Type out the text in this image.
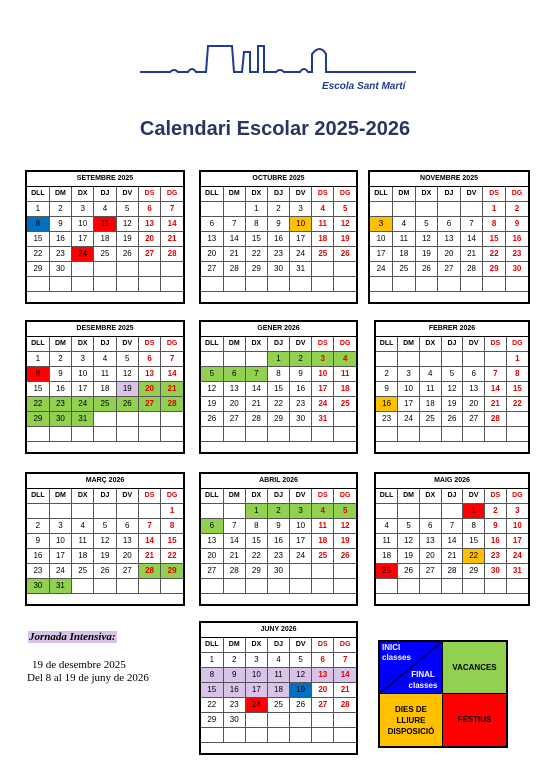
Escola Sant Martí
Calendari Escolar 2025-2026
SETEMBRE 2025
DLL	DM	DX	DJ	DV	DS	DG
1	2	3	4	5	6	7
8	9	10	11	12	13	14
15	16	17	18	19	20	21
22	23	24	25	26	27	28
29	30					

OCTUBRE 2025
DLL	DM	DX	DJ	DV	DS	DG
		1	2	3	4	5
6	7	8	9	10	11	12
13	14	15	16	17	18	19
20	21	22	23	24	25	26
27	28	29	30	31		

NOVEMBRE 2025
DLL	DM	DX	DJ	DV	DS	DG
					1	2
3	4	5	6	7	8	9
10	11	12	13	14	15	16
17	18	19	20	21	22	23
24	25	26	27	28	29	30

DESEMBRE 2025
DLL	DM	DX	DJ	DV	DS	DG
1	2	3	4	5	6	7
8	9	10	11	12	13	14
15	16	17	18	19	20	21
22	23	24	25	26	27	28
29	30	31				

GENER 2026
DLL	DM	DX	DJ	DV	DS	DG
			1	2	3	4
5	6	7	8	9	10	11
12	13	14	15	16	17	18
19	20	21	22	23	24	25
26	27	28	29	30	31	

FEBRER 2026
DLL	DM	DX	DJ	DV	DS	DG
						1
2	3	4	5	6	7	8
9	10	11	12	13	14	15
16	17	18	19	20	21	22
23	24	25	26	27	28	

MARÇ 2026
DLL	DM	DX	DJ	DV	DS	DG
						1
2	3	4	5	6	7	8
9	10	11	12	13	14	15
16	17	18	19	20	21	22
23	24	25	26	27	28	29
30	31					
ABRIL 2026
DLL	DM	DX	DJ	DV	DS	DG
		1	2	3	4	5
6	7	8	9	10	11	12
13	14	15	16	17	18	19
20	21	22	23	24	25	26
27	28	29	30			

MAIG 2026
DLL	DM	DX	DJ	DV	DS	DG
				1	2	3
4	5	6	7	8	9	10
11	12	13	14	15	16	17
18	19	20	21	22	23	24
25	26	27	28	29	30	31

JUNY 2026
DLL	DM	DX	DJ	DV	DS	DG
1	2	3	4	5	6	7
8	9	10	11	12	13	14
15	16	17	18	19	20	21
22	23	24	25	26	27	28
29	30					

Jornada Intensiva:
19 de desembre 2025
Del 8 al 19 de juny de 2026
INICI classes
FINAL classes
VACANCES
DIES DE
LLIURE
DISPOSICIÓ
FESTIUS
